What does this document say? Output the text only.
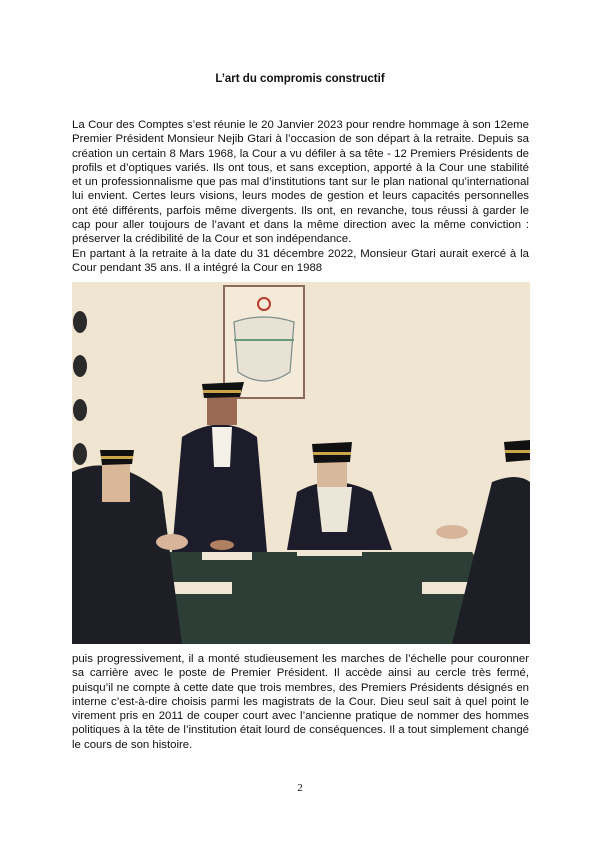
L’art du compromis constructif

La Cour des Comptes s’est réunie le 20 Janvier 2023 pour rendre hommage à son 12eme Premier Président Monsieur Nejib Gtari à l’occasion de son départ à la retraite. Depuis sa création un certain 8 Mars 1968, la Cour a vu défiler à sa tête - 12 Premiers Présidents de profils et d’optiques variés. Ils ont tous, et sans exception, apporté à la Cour une stabilité et un professionnalisme que pas mal d’institutions tant sur le plan national qu’international lui envient. Certes leurs visions, leurs modes de gestion et leurs capacités personnelles ont été différents, parfois même divergents. Ils ont, en revanche, tous réussi à garder le cap pour aller toujours de l’avant et dans la même direction avec la même conviction : préserver la crédibilité de la Cour et son indépendance.

En partant à la retraite à la date du 31 décembre 2022, Monsieur Gtari aurait exercé à la Cour pendant 35 ans. Il a intégré la Cour en 1988

puis progressivement, il a monté studieusement les marches de l’échelle pour couronner sa carrière avec le poste de Premier Président. Il accède ainsi au cercle très fermé, puisqu’il ne compte à cette date que trois membres, des Premiers Présidents désignés en interne c’est-à-dire choisis parmi les magistrats de la Cour. Dieu seul sait à quel point le virement pris en 2011 de couper court avec l’ancienne pratique de nommer des hommes politiques à la tête de l’institution était lourd de conséquences. Il a tout simplement changé le cours de son histoire.

2
